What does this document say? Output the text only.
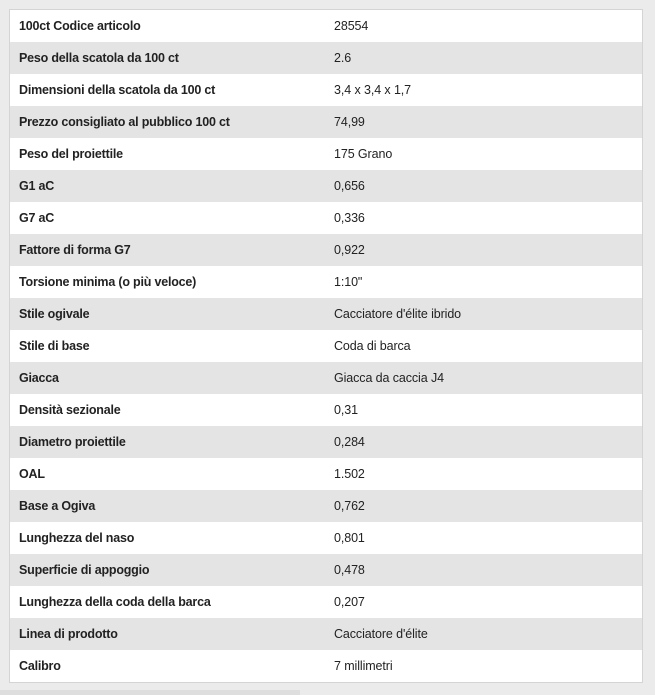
100ct Codice articolo	28554
Peso della scatola da 100 ct	2.6
Dimensioni della scatola da 100 ct	3,4 x 3,4 x 1,7
Prezzo consigliato al pubblico 100 ct	74,99
Peso del proiettile	175 Grano
G1 aC	0,656
G7 aC	0,336
Fattore di forma G7	0,922
Torsione minima (o più veloce)	1:10"
Stile ogivale	Cacciatore d'élite ibrido
Stile di base	Coda di barca
Giacca	Giacca da caccia J4
Densità sezionale	0,31
Diametro proiettile	0,284
OAL	1.502
Base a Ogiva	0,762
Lunghezza del naso	0,801
Superficie di appoggio	0,478
Lunghezza della coda della barca	0,207
Linea di prodotto	Cacciatore d'élite
Calibro	7 millimetri
